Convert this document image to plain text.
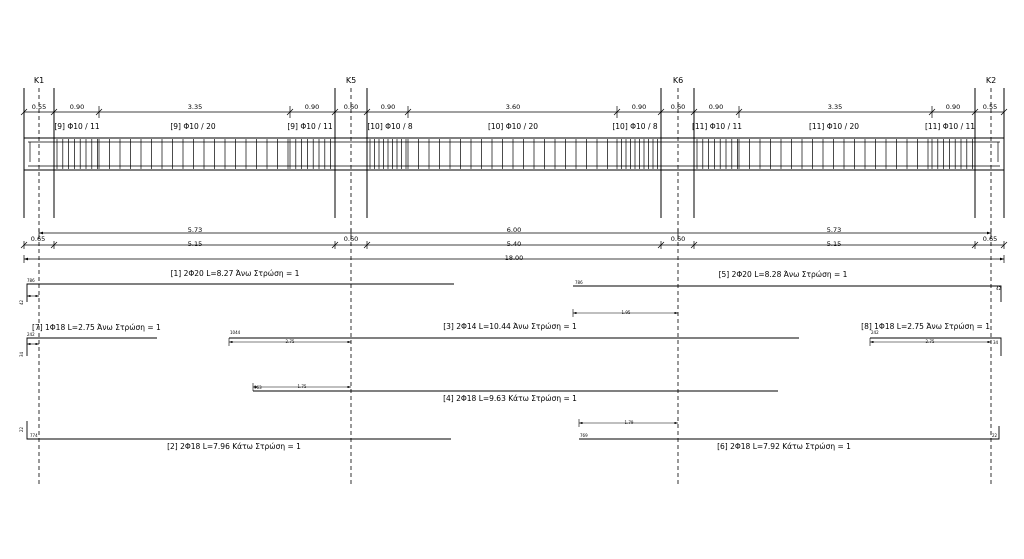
K1	K5	K6	K2
0.55	0.90	3.35	0.90	0.60	0.90	3.60	0.90	0.60	0.90	3.35	0.90	0.55
[9] Φ10 / 11	[9] Φ10 / 20	[9] Φ10 / 11	[10] Φ10 / 8	[10] Φ10 / 20	[10] Φ10 / 8	[11] Φ10 / 11	[11] Φ10 / 20	[11] Φ10 / 11
5.73	6.00	5.73
0.65	0.60	0.60	0.65
5.15	5.40	5.15
18.00
[1] 2Φ20 L=8.27 Άνω Στρώση = 1	[5] 2Φ20 L=8.28 Άνω Στρώση = 1
[7] 1Φ18 L=2.75 Άνω Στρώση = 1	[3] 2Φ14 L=10.44 Άνω Στρώση = 1	[8] 1Φ18 L=2.75 Άνω Στρώση = 1
[4] 2Φ18 L=9.63 Κάτω Στρώση = 1
[2] 2Φ18 L=7.96 Κάτω Στρώση = 1	[6] 2Φ18 L=7.92 Κάτω Στρώση = 1
786
42
786
42
1.95
242
34
1044
2.75
242
34
2.75
963	1.75
774
22
769	22
1.79
